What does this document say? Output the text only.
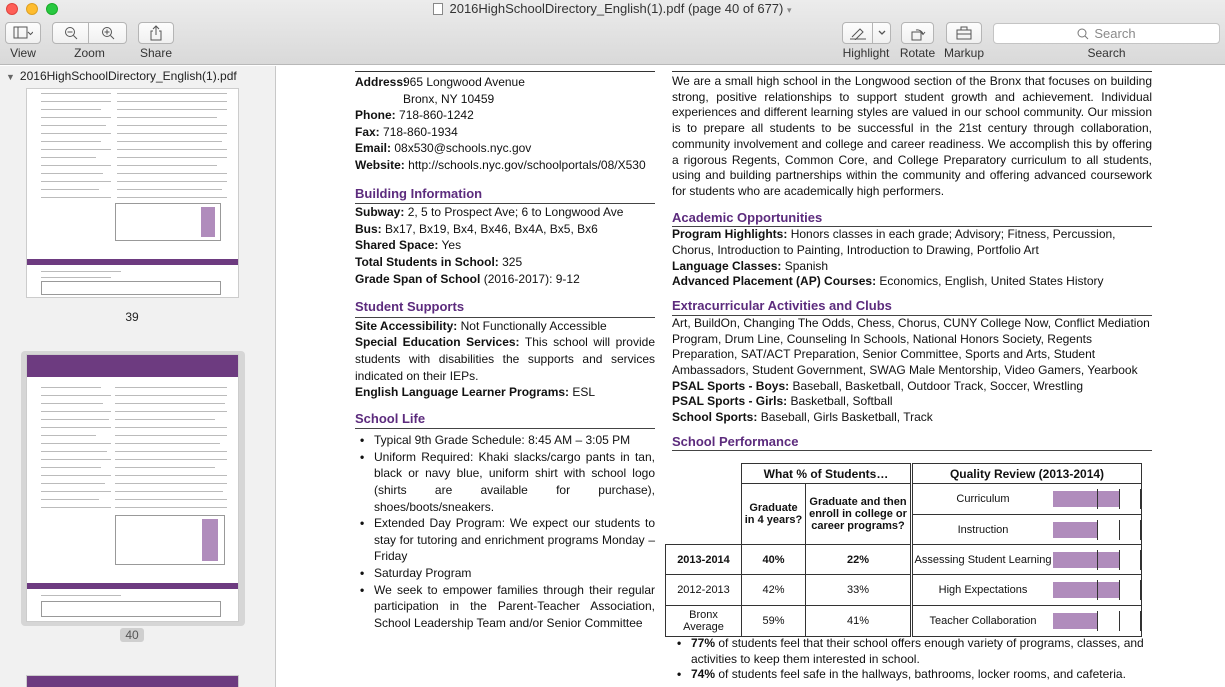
2016HighSchoolDirectory_English(1).pdf (page 40 of 677) ▾
View	Zoom	Share	Highlight Rotate Markup
Search
Search
▼ 2016HighSchoolDirectory_English(1).pdf
39
40
Address:
965 Longwood Avenue
Bronx, NY 10459
Phone: 718-860-1242
Fax: 718-860-1934
Email: 08x530@schools.nyc.gov
Website: http://schools.nyc.gov/schoolportals/08/X530
Building Information
Subway: 2, 5 to Prospect Ave; 6 to Longwood Ave
Bus: Bx17, Bx19, Bx4, Bx46, Bx4A, Bx5, Bx6
Shared Space: Yes
Total Students in School: 325
Grade Span of School (2016-2017): 9-12
Student Supports
Site Accessibility: Not Functionally Accessible
Special Education Services: This school will provide students with disabilities the supports and services indicated on their IEPs.
English Language Learner Programs: ESL
School Life
• Typical 9th Grade Schedule: 8:45 AM – 3:05 PM
• Uniform Required: Khaki slacks/cargo pants in tan, black or navy blue, uniform shirt with school logo (shirts are available for purchase), shoes/boots/sneakers.
• Extended Day Program: We expect our students to stay for tutoring and enrichment programs Monday – Friday
• Saturday Program
• We seek to empower families through their regular participation in the Parent-Teacher Association, School Leadership Team and/or Senior Committee
We are a small high school in the Longwood section of the Bronx that focuses on building strong, positive relationships to support student growth and achievement. Individual experiences and different learning styles are valued in our school community. Our mission is to prepare all students to be successful in the 21st century through collaboration, community involvement and college and career readiness. We accomplish this by offering a rigorous Regents, Common Core, and College Preparatory curriculum to all students, using and building partnerships within the community and offering advanced coursework for students who are academically high performers.
Academic Opportunities
Program Highlights: Honors classes in each grade; Advisory; Fitness, Percussion, Chorus, Introduction to Painting, Introduction to Drawing, Portfolio Art
Language Classes: Spanish
Advanced Placement (AP) Courses: Economics, English, United States History
Extracurricular Activities and Clubs
Art, BuildOn, Changing The Odds, Chess, Chorus, CUNY College Now, Conflict Mediation Program, Drum Line, Counseling In Schools, National Honors Society, Regents Preparation, SAT/ACT Preparation, Senior Committee, Sports and Arts, Student Ambassadors, Student Government, SWAG Male Mentorship, Video Gamers, Yearbook
PSAL Sports - Boys: Baseball, Basketball, Outdoor Track, Soccer, Wrestling
PSAL Sports - Girls: Basketball, Softball
School Sports: Baseball, Girls Basketball, Track
School Performance
	What % of Students…		Quality Review (2013-2014)
	Graduate in 4 years?	Graduate and then enroll in college or career programs?	Curriculum

			Instruction

2013-2014	40%	22%	Assessing Student Learning

2012-2013	42%	33%	High Expectations

Bronx Average	59%	41%	Teacher Collaboration
• 77% of students feel that their school offers enough variety of programs, classes, and activities to keep them interested in school.
• 74% of students feel safe in the hallways, bathrooms, locker rooms, and cafeteria.
